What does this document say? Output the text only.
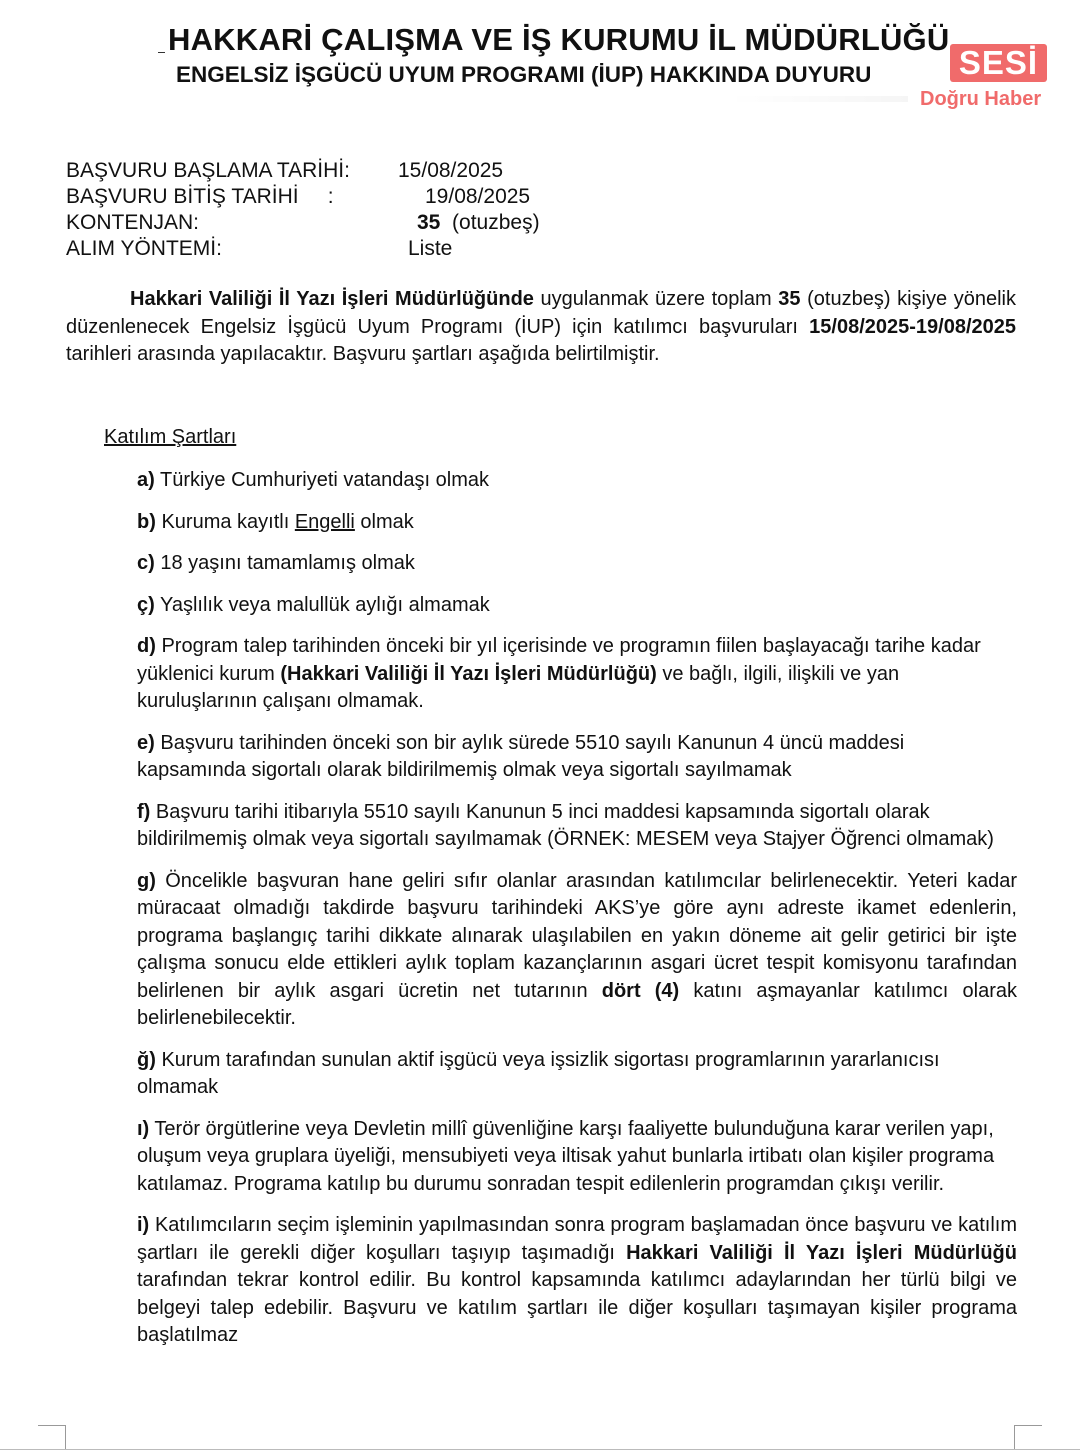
HAKKARİ ÇALIŞMA VE İŞ KURUMU İL MÜDÜRLÜĞÜ
ENGELSİZ İŞGÜCÜ UYUM PROGRAMI (İUP) HAKKINDA DUYURU	SESİ
Doğru Haber
BAŞVURU BAŞLAMA TARİHİ: 15/08/2025
BAŞVURU BİTİŞ TARİHİ     :	19/08/2025
KONTENJAN:	35 (otuzbeş)
ALIM YÖNTEMİ:	Liste
Hakkari Valiliği İl Yazı İşleri Müdürlüğünde uygulanmak üzere toplam 35 (otuzbeş) kişiye yönelik düzenlenecek Engelsiz İşgücü Uyum Programı (İUP) için katılımcı başvuruları 15/08/2025-19/08/2025 tarihleri arasında yapılacaktır. Başvuru şartları aşağıda belirtilmiştir.
Katılım Şartları
a) Türkiye Cumhuriyeti vatandaşı olmak
b) Kuruma kayıtlı Engelli olmak
c) 18 yaşını tamamlamış olmak
ç) Yaşlılık veya malullük aylığı almamak
d) Program talep tarihinden önceki bir yıl içerisinde ve programın fiilen başlayacağı tarihe kadar yüklenici kurum (Hakkari Valiliği İl Yazı İşleri Müdürlüğü) ve bağlı, ilgili, ilişkili ve yan kuruluşlarının çalışanı olmamak.
e) Başvuru tarihinden önceki son bir aylık sürede 5510 sayılı Kanunun 4 üncü maddesi kapsamında sigortalı olarak bildirilmemiş olmak veya sigortalı sayılmamak
f) Başvuru tarihi itibarıyla 5510 sayılı Kanunun 5 inci maddesi kapsamında sigortalı olarak bildirilmemiş olmak veya sigortalı sayılmamak (ÖRNEK: MESEM veya Stajyer Öğrenci olmamak)
g) Öncelikle başvuran hane geliri sıfır olanlar arasından katılımcılar belirlenecektir. Yeteri kadar müracaat olmadığı takdirde başvuru tarihindeki AKS’ye göre aynı adreste ikamet edenlerin, programa başlangıç tarihi dikkate alınarak ulaşılabilen en yakın döneme ait gelir getirici bir işte çalışma sonucu elde ettikleri aylık toplam kazançlarının asgari ücret tespit komisyonu tarafından belirlenen bir aylık asgari ücretin net tutarının dört (4) katını aşmayanlar katılımcı olarak belirlenebilecektir.
ğ) Kurum tarafından sunulan aktif işgücü veya işsizlik sigortası programlarının yararlanıcısı olmamak
ı) Terör örgütlerine veya Devletin millî güvenliğine karşı faaliyette bulunduğuna karar verilen yapı, oluşum veya gruplara üyeliği, mensubiyeti veya iltisak yahut bunlarla irtibatı olan kişiler programa katılamaz. Programa katılıp bu durumu sonradan tespit edilenlerin programdan çıkışı verilir.
i) Katılımcıların seçim işleminin yapılmasından sonra program başlamadan önce başvuru ve katılım şartları ile gerekli diğer koşulları taşıyıp taşımadığı Hakkari Valiliği İl Yazı İşleri Müdürlüğü tarafından tekrar kontrol edilir. Bu kontrol kapsamında katılımcı adaylarından her türlü bilgi ve belgeyi talep edebilir. Başvuru ve katılım şartları ile diğer koşulları taşımayan kişiler programa başlatılmaz
